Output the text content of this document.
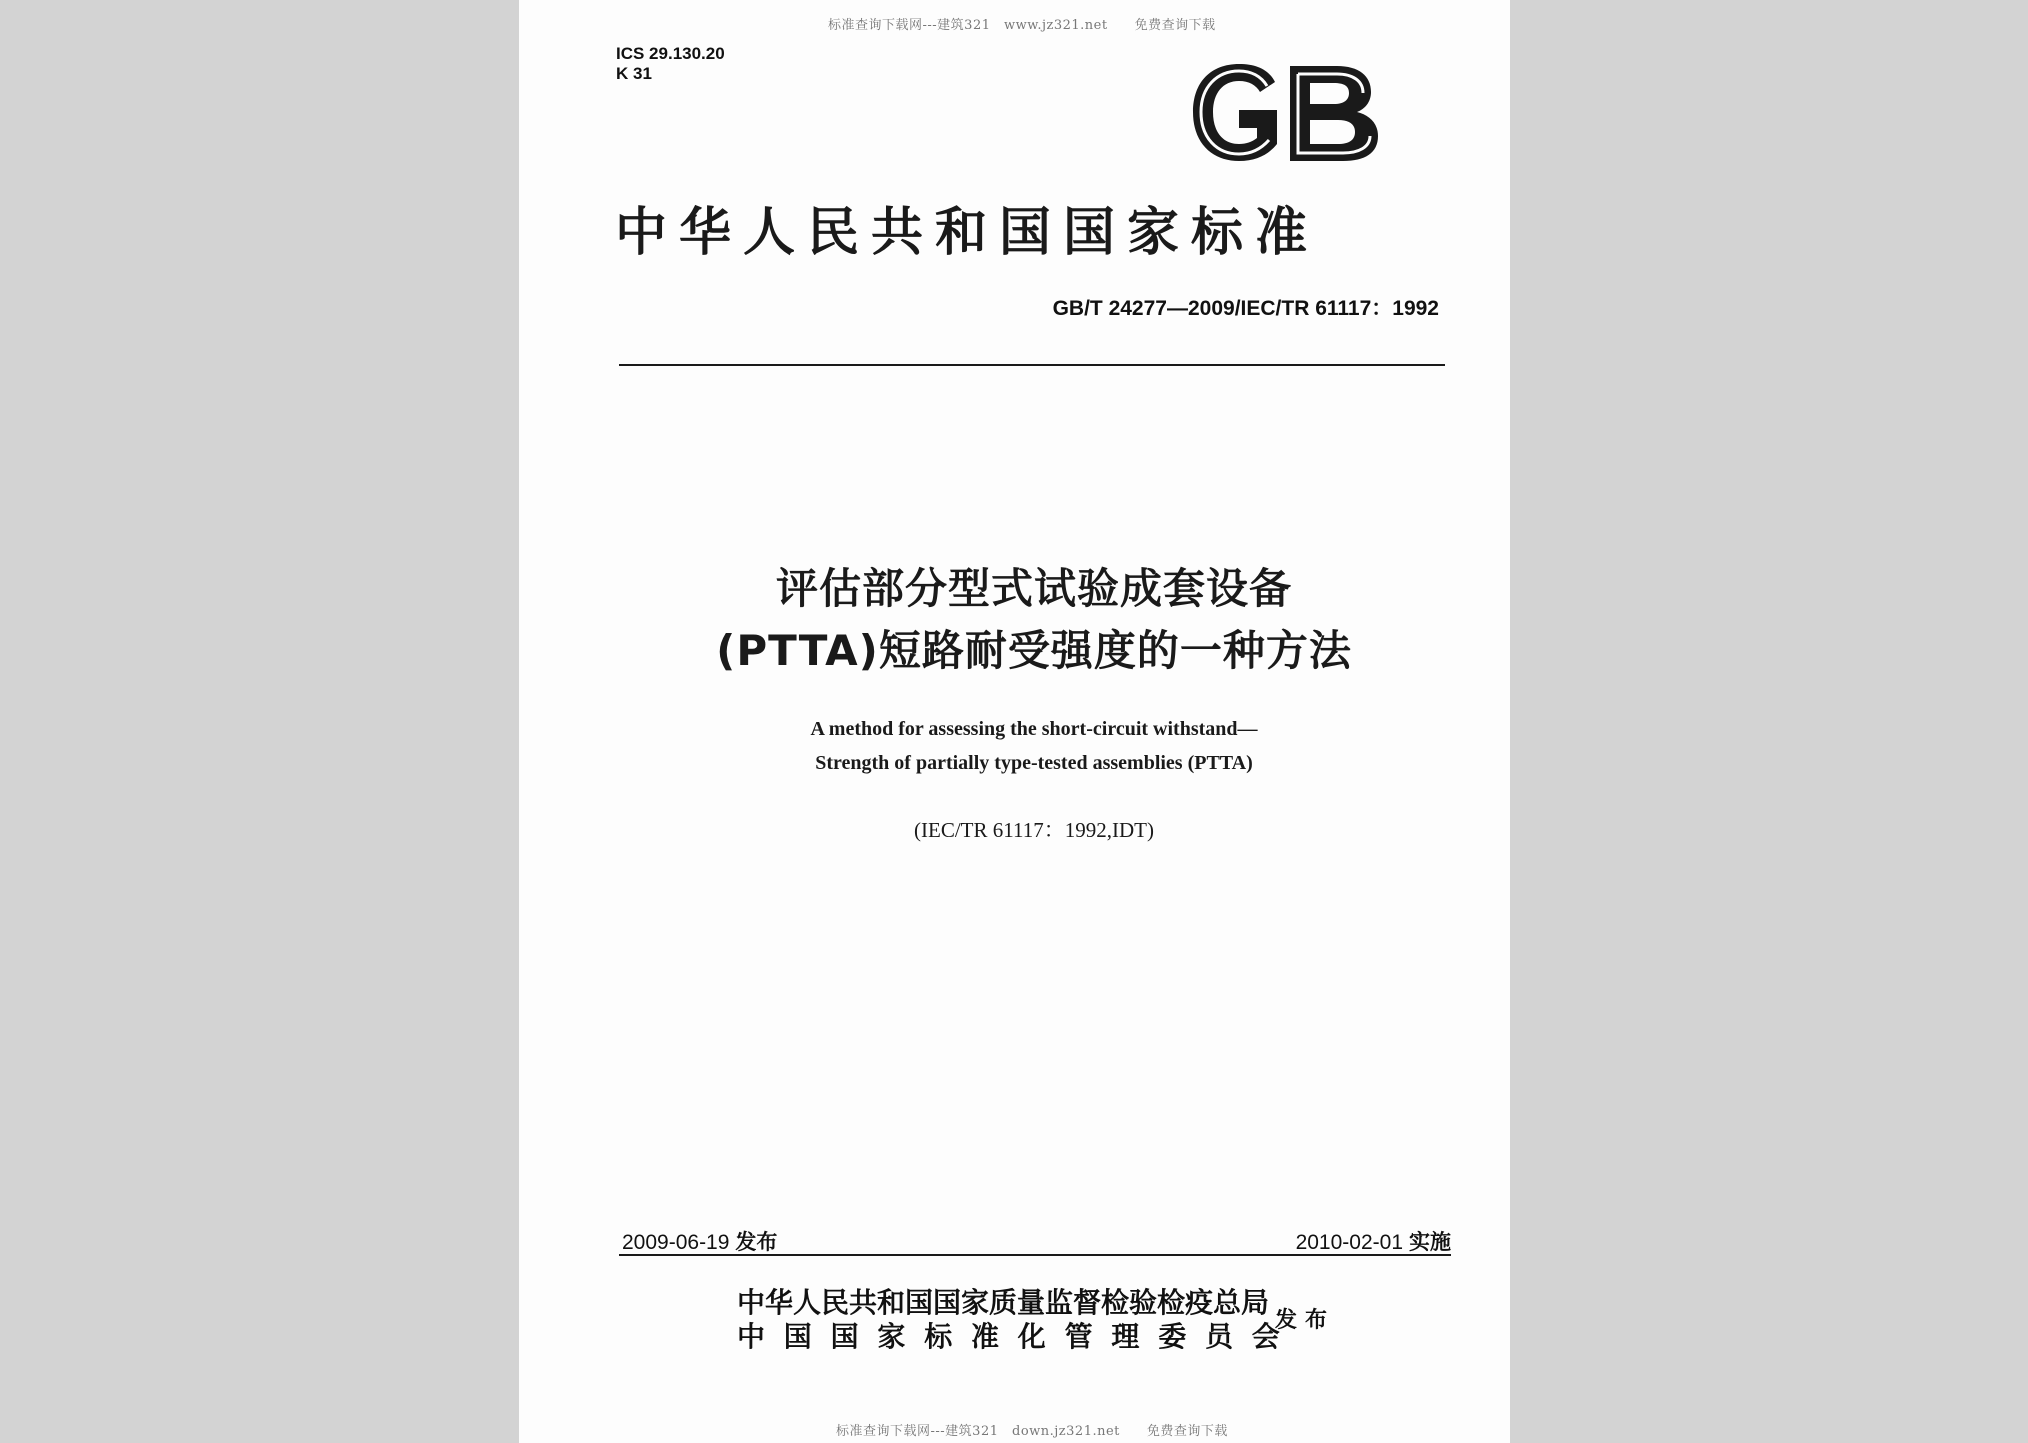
标准查询下载网---建筑321　www.jz321.net　　免费查询下载
ICS 29.130.20
K 31
中华人民共和国国家标准
GB/T 24277—2009/IEC/TR 61117：1992
评估部分型式试验成套设备
(PTTA)短路耐受强度的一种方法
A method for assessing the short-circuit withstand—
Strength of partially type-tested assemblies (PTTA)
(IEC/TR 61117：1992,IDT)
2009-06-19 发布	2010-02-01 实施
中华人民共和国国家质量监督检验检疫总局
中国国家标准化管理委员会
发布
标准查询下载网---建筑321　down.jz321.net　　免费查询下载
